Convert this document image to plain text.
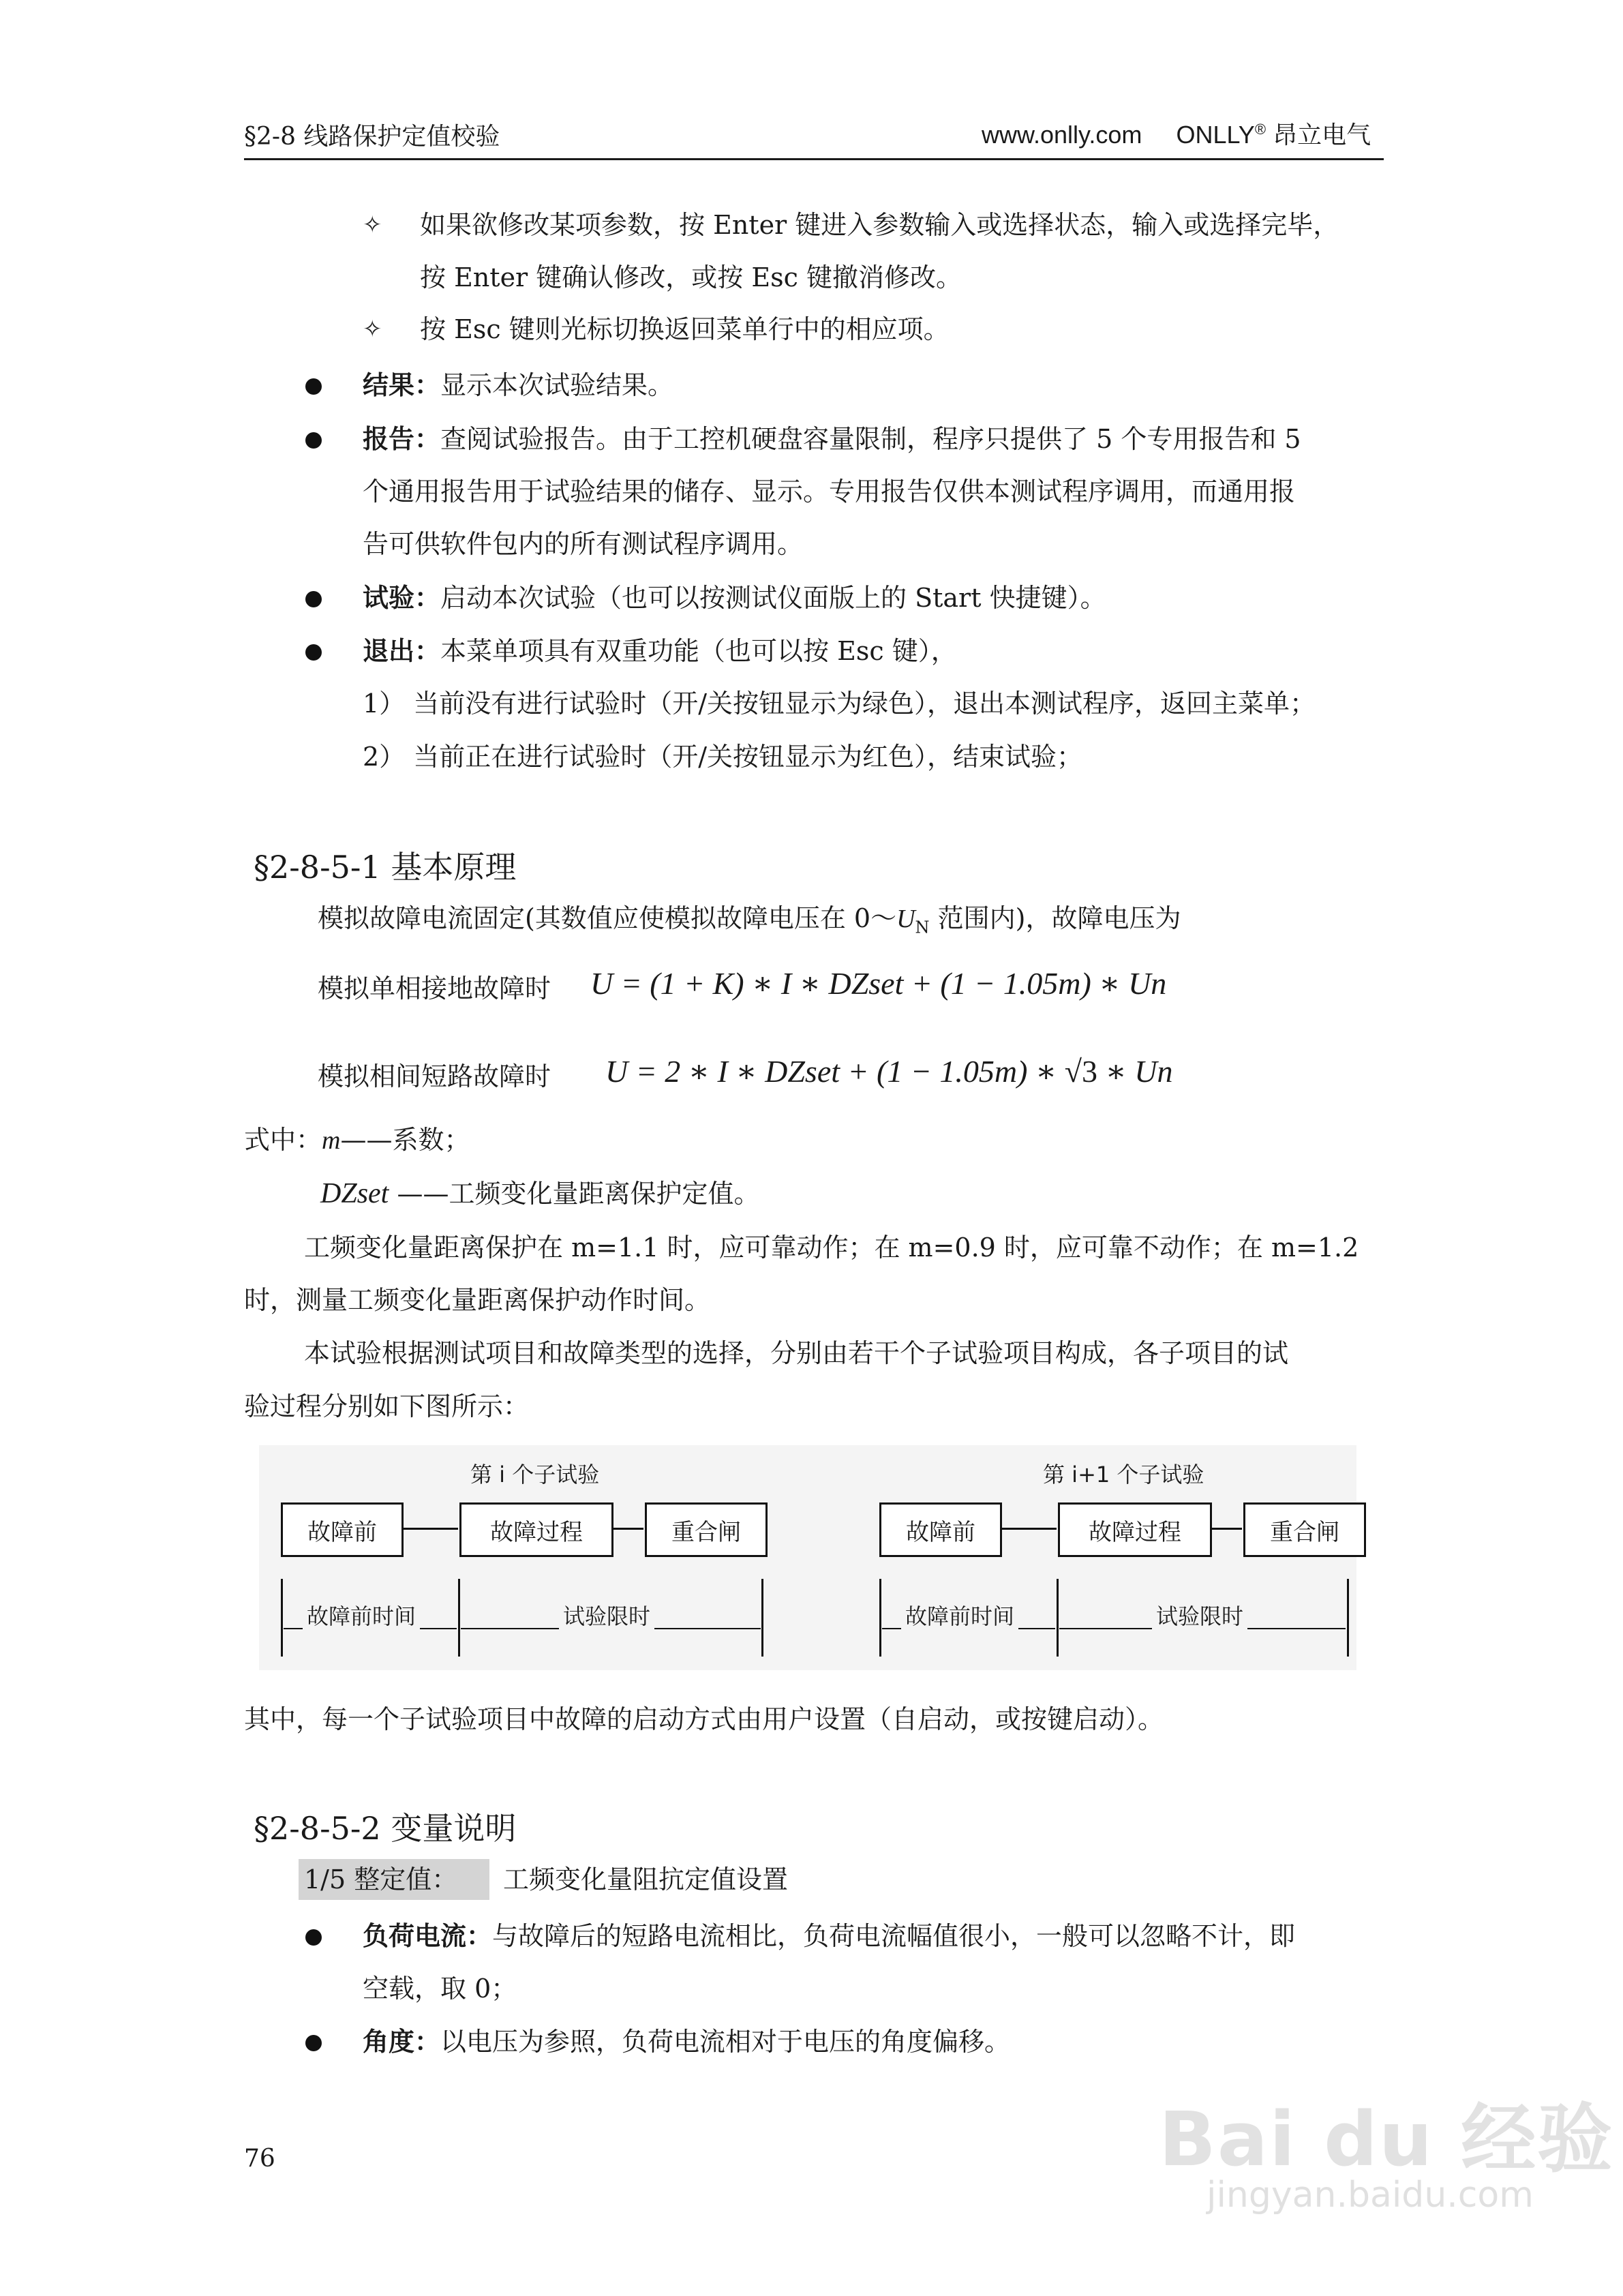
§2-8 线路保护定值校验	www.onlly.com ONLLY® 昂立电气
✧ 如果欲修改某项参数，按 Enter 键进入参数输入或选择状态，输入或选择完毕，
按 Enter 键确认修改，或按 Esc 键撤消修改。
✧ 按 Esc 键则光标切换返回菜单行中的相应项。
结果：显示本次试验结果。
报告：查阅试验报告。由于工控机硬盘容量限制，程序只提供了 5 个专用报告和 5
个通用报告用于试验结果的储存、显示。专用报告仅供本测试程序调用，而通用报
告可供软件包内的所有测试程序调用。
试验：启动本次试验（也可以按测试仪面版上的 Start 快捷键）。
退出：本菜单项具有双重功能（也可以按 Esc 键），
1） 当前没有进行试验时（开/关按钮显示为绿色），退出本测试程序，返回主菜单；
2） 当前正在进行试验时（开/关按钮显示为红色），结束试验；
§2-8-5-1 基本原理
模拟故障电流固定(其数值应使模拟故障电压在 $0\sim U_N$ 范围内)，故障电压为
模拟单相接地故障时 U = (1 + K) ∗ I ∗ DZset + (1 − 1.05m) ∗ Un
模拟相间短路故障时 U = 2 ∗ I ∗ DZset + (1 − 1.05m) ∗ √3 ∗ Un
式中：m——系数；
DZset ——工频变化量距离保护定值。
工频变化量距离保护在 m=1.1 时，应可靠动作；在 m=0.9 时，应可靠不动作；在 m=1.2
时，测量工频变化量距离保护动作时间。
本试验根据测试项目和故障类型的选择，分别由若干个子试验项目构成，各子项目的试
验过程分别如下图所示：
第 i 个子试验
故障前	故障过程	重合闸
故障前时间	试验限时
第 i+1 个子试验
故障前	故障过程	重合闸
故障前时间	试验限时
其中，每一个子试验项目中故障的启动方式由用户设置（自启动，或按键启动）。
§2-8-5-2 变量说明
1/5 整定值： 工频变化量阻抗定值设置
负荷电流：与故障后的短路电流相比，负荷电流幅值很小，一般可以忽略不计，即
空载，取 0；
角度：以电压为参照，负荷电流相对于电压的角度偏移。
76	Bai du 经验
jingyan.baidu.com
